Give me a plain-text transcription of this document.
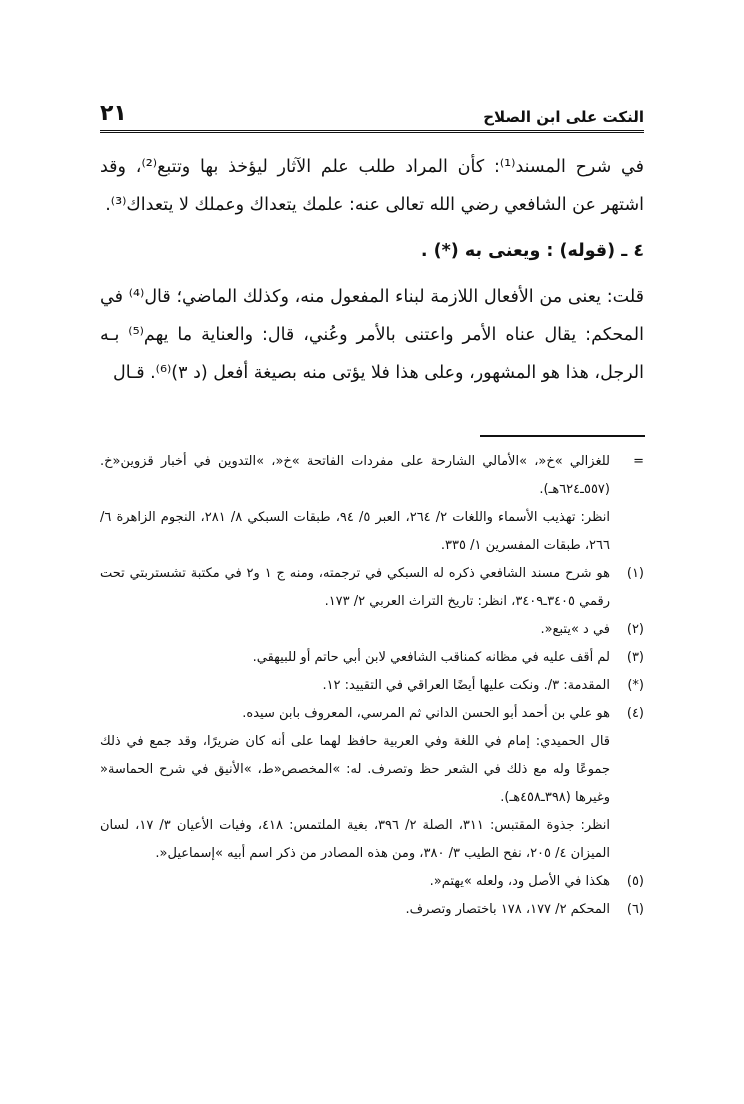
النكت على ابن الصلاح
٢١

في شرح المسند⁽¹⁾: كأن المراد طلب علم الآثار ليؤخذ بها وتتبع⁽²⁾، وقد اشتهر عن الشافعي رضي الله تعالى عنه: علمك يتعداك وعملك لا يتعداك⁽³⁾.

٤ ـ (قوله) : ويعنى به (*) .

قلت: يعنى من الأفعال اللازمة لبناء المفعول منه، وكذلك الماضي؛ قال⁽⁴⁾ في المحكم: يقال عناه الأمر واعتنى بالأمر وعُني، قال: والعناية ما يهم⁽⁵⁾ بـه الرجل، هذا هو المشهور، وعلى هذا فلا يؤتى منه بصيغة أفعل (د ٣)⁽⁶⁾. قـال

=
للغزالي »خ«، »الأمالي الشارحة على مفردات الفاتحة »خ«، »التدوين في أخبار قزوين«خ. (٥٥٧ـ٦٢٤هـ).
انظر: تهذيب الأسماء واللغات ٢/ ٢٦٤، العبر ٥/ ٩٤، طبقات السبكي ٨/ ٢٨١، النجوم الزاهرة ٦/ ٢٦٦، طبقات المفسرين ١/ ٣٣٥.
(١)
هو شرح مسند الشافعي ذكره له السبكي في ترجمته، ومنه ج ١ و٢ في مكتبة تشستربتي تحت رقمي ٣٤٠٥ـ٣٤٠٩، انظر: تاريخ التراث العربي ٢/ ١٧٣.
(٢)
في د »يتبع«.
(٣)
لم أقف عليه في مظانه كمناقب الشافعي لابن أبي حاتم أو للبيهقي.
(*)
المقدمة: ٣/. ونكت عليها أيضًا العراقي في التقييد: ١٢.
(٤)
هو علي بن أحمد أبو الحسن الداني ثم المرسي، المعروف بابن سيده.
قال الحميدي: إمام في اللغة وفي العربية حافظ لهما على أنه كان ضريرًا، وقد جمع في ذلك جموعًا وله مع ذلك في الشعر حظ وتصرف. له: »المخصص«ط، »الأنيق في شرح الحماسة« وغيرها (٣٩٨ـ٤٥٨هـ).
انظر: جذوة المقتبس: ٣١١، الصلة ٢/ ٣٩٦، بغية الملتمس: ٤١٨، وفيات الأعيان ٣/ ١٧، لسان الميزان ٤/ ٢٠٥، نفح الطيب ٣/ ٣٨٠، ومن هذه المصادر من ذكر اسم أبيه »إسماعيل«.
(٥)
هكذا في الأصل ود، ولعله »يهتم«.
(٦)
المحكم ٢/ ١٧٧، ١٧٨ باختصار وتصرف.
